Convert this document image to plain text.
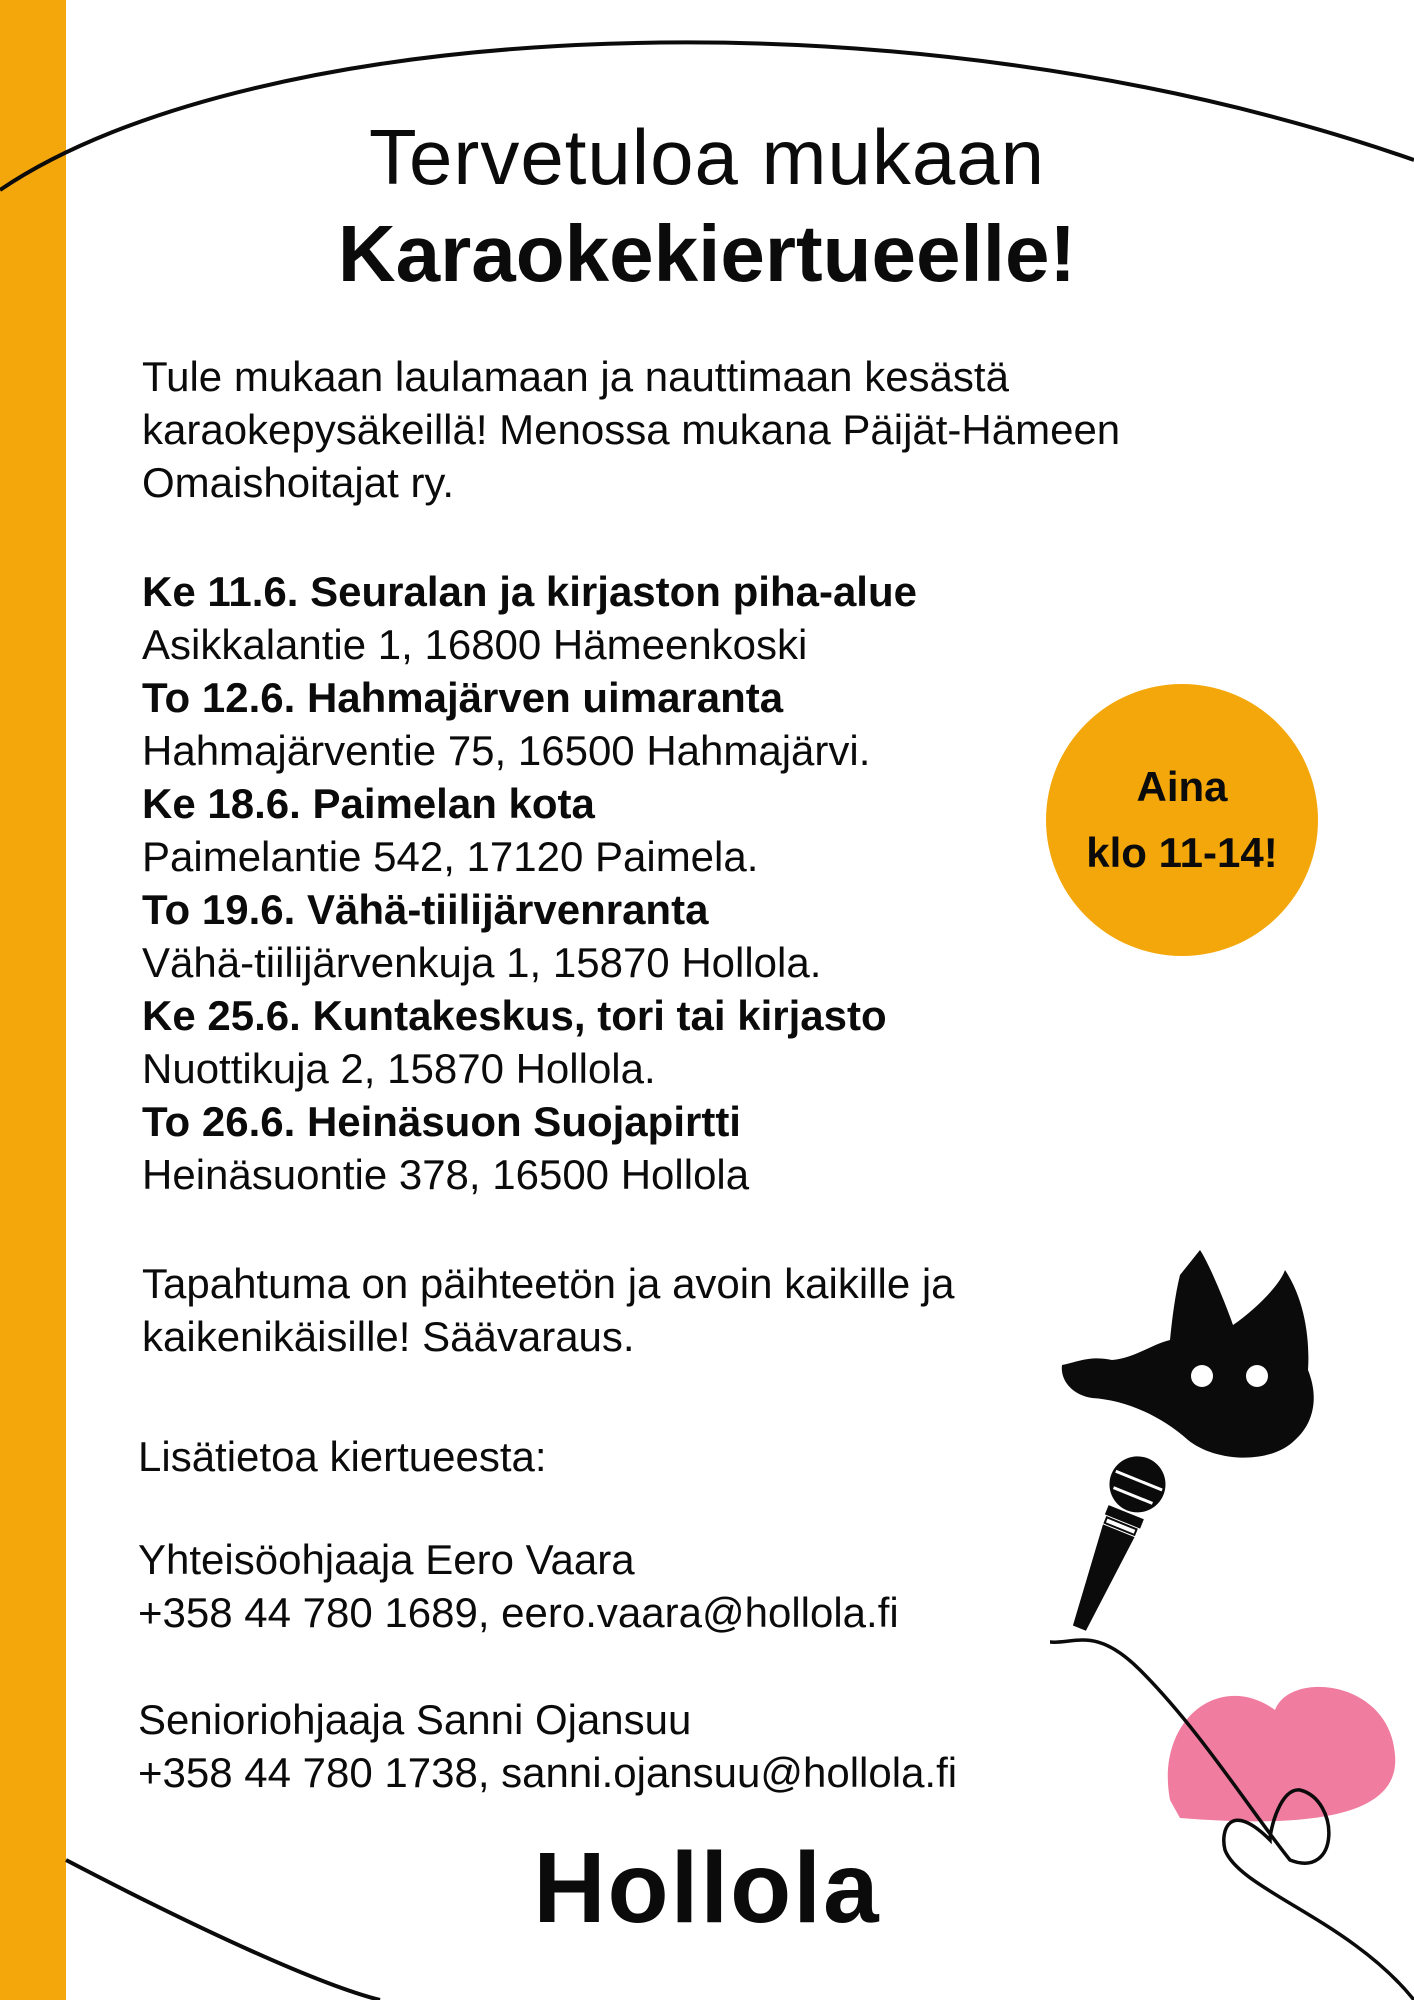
Tervetuloa mukaan
Karaokekiertueelle!
Tule mukaan laulamaan ja nauttimaan kesästä
karaokepysäkeillä! Menossa mukana Päijät-Hämeen
Omaishoitajat ry.

Ke 11.6. Seuralan ja kirjaston piha-alue

Asikkalantie 1, 16800 Hämeenkoski

To 12.6. Hahmajärven uimaranta

Hahmajärventie 75, 16500 Hahmajärvi.

Ke 18.6. Paimelan kota

Paimelantie 542, 17120 Paimela.

To 19.6. Vähä-tiilijärvenranta

Vähä-tiilijärvenkuja 1, 15870 Hollola.

Ke 25.6. Kuntakeskus, tori tai kirjasto

Nuottikuja 2, 15870 Hollola.

To 26.6. Heinäsuon Suojapirtti

Heinäsuontie 378, 16500 Hollola

Aina
klo 11-14!
Tapahtuma on päihteetön ja avoin kaikille ja
kaikenikäisille! Säävaraus.

Lisätietoa kiertueesta:

Yhteisöohjaaja Eero Vaara

+358 44 780 1689, eero.vaara@hollola.fi

Senioriohjaaja Sanni Ojansuu

+358 44 780 1738, sanni.ojansuu@hollola.fi

Hollola
